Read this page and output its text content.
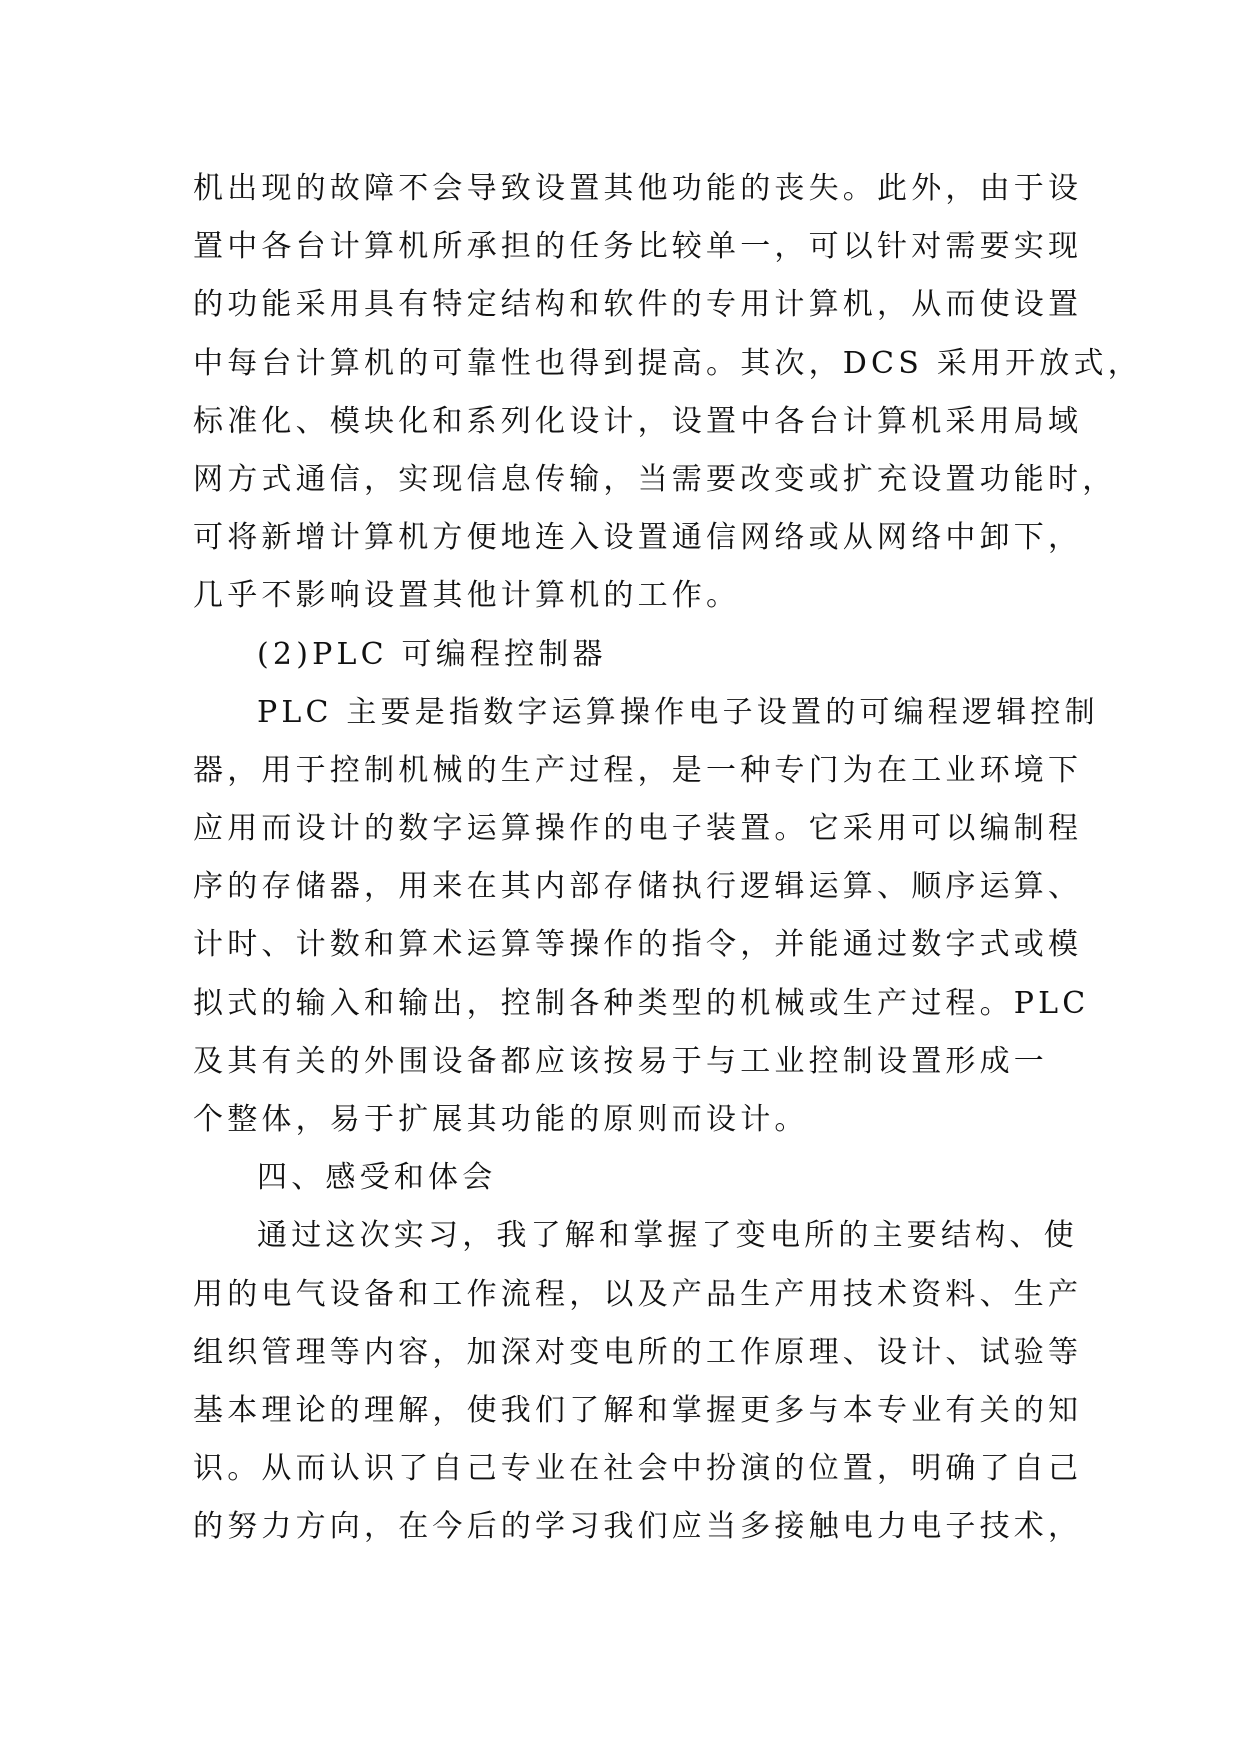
机出现的故障不会导致设置其他功能的丧失。此外，由于设
置中各台计算机所承担的任务比较单一，可以针对需要实现
的功能采用具有特定结构和软件的专用计算机，从而使设置
中每台计算机的可靠性也得到提高。其次，DCS 采用开放式，
标准化、模块化和系列化设计，设置中各台计算机采用局域
网方式通信，实现信息传输，当需要改变或扩充设置功能时，
可将新增计算机方便地连入设置通信网络或从网络中卸下，
几乎不影响设置其他计算机的工作。
(2)PLC 可编程控制器
PLC 主要是指数字运算操作电子设置的可编程逻辑控制
器，用于控制机械的生产过程，是一种专门为在工业环境下
应用而设计的数字运算操作的电子装置。它采用可以编制程
序的存储器，用来在其内部存储执行逻辑运算、顺序运算、
计时、计数和算术运算等操作的指令，并能通过数字式或模
拟式的输入和输出，控制各种类型的机械或生产过程。PLC
及其有关的外围设备都应该按易于与工业控制设置形成一
个整体，易于扩展其功能的原则而设计。
四、感受和体会
通过这次实习，我了解和掌握了变电所的主要结构、使
用的电气设备和工作流程，以及产品生产用技术资料、生产
组织管理等内容，加深对变电所的工作原理、设计、试验等
基本理论的理解，使我们了解和掌握更多与本专业有关的知
识。从而认识了自己专业在社会中扮演的位置，明确了自己
的努力方向，在今后的学习我们应当多接触电力电子技术，
